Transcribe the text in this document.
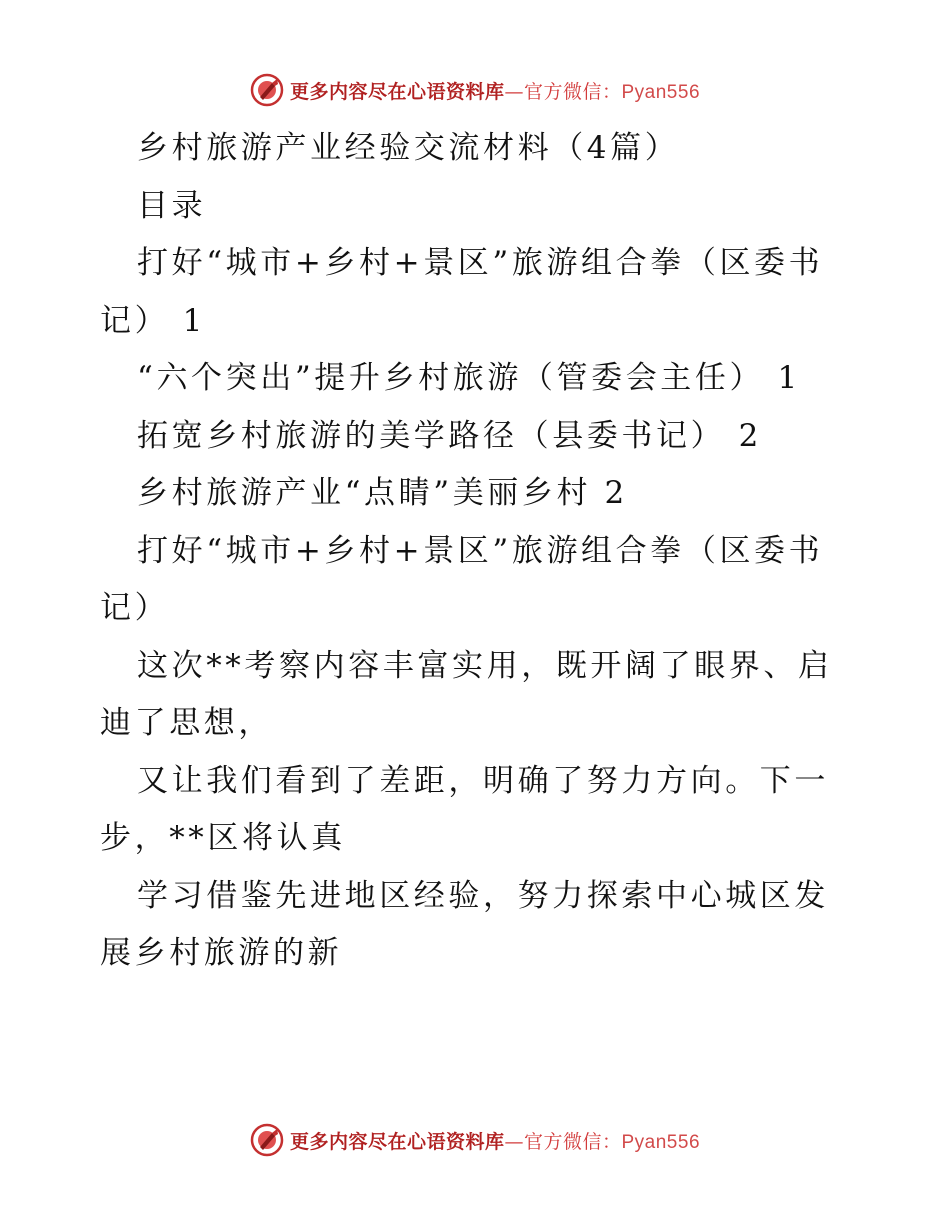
更多内容尽在心语资料库—官方微信：Pyan556

乡村旅游产业经验交流材料（4篇）

目录

打好“城市+乡村+景区”旅游组合拳（区委书记） 1

“六个突出”提升乡村旅游（管委会主任） 1

拓宽乡村旅游的美学路径（县委书记） 2

乡村旅游产业“点睛”美丽乡村 2

打好“城市+乡村+景区”旅游组合拳（区委书记）

这次**考察内容丰富实用，既开阔了眼界、启迪了思想，

又让我们看到了差距，明确了努力方向。下一步，**区将认真

学习借鉴先进地区经验，努力探索中心城区发展乡村旅游的新

更多内容尽在心语资料库—官方微信：Pyan556
